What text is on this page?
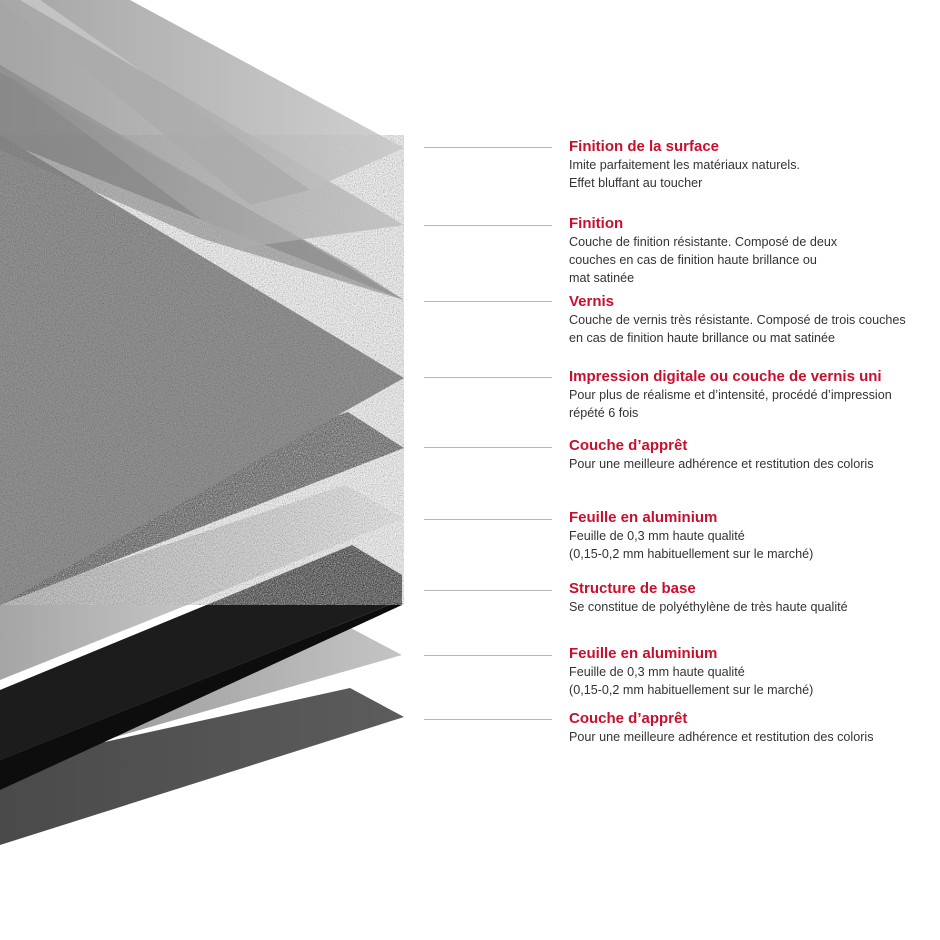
Finition de la surface
Imite parfaitement les matériaux naturels.
Effet bluffant au toucher
Finition
Couche de finition résistante. Composé de deux
couches en cas de finition haute brillance ou
mat satinée
Vernis
Couche de vernis très résistante. Composé de trois couches
en cas de finition haute brillance ou mat satinée
Impression digitale ou couche de vernis uni
Pour plus de réalisme et d’intensité, procédé d’impression
répété 6 fois
Couche d’apprêt
Pour une meilleure adhérence et restitution des coloris
Feuille en aluminium
Feuille de 0,3 mm haute qualité
(0,15-0,2 mm habituellement sur le marché)
Structure de base
Se constitue de polyéthylène de très haute qualité
Feuille en aluminium
Feuille de 0,3 mm haute qualité
(0,15-0,2 mm habituellement sur le marché)
Couche d’apprêt
Pour une meilleure adhérence et restitution des coloris
